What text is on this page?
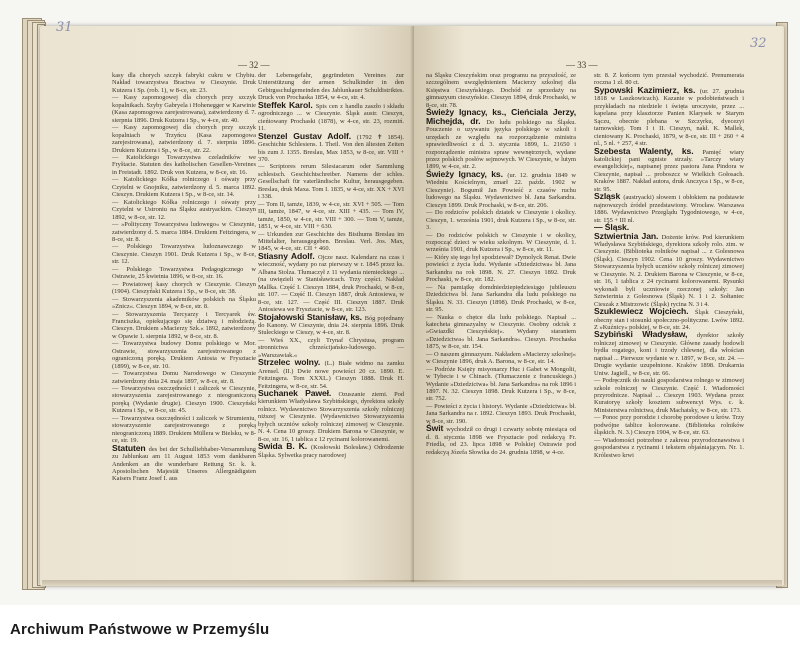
31
— 32 —

kasy dla chorych szczyk fabryki cukru w Chybiu. Nakład towarzystwa Bractwa w Cieszynie. Druk Kutzera i Sp. (rob. 1), w 8-ce, str. 23.

— Kasy zapomogowej dla chorych przy szczyk kopalnikach. Szyby Gabryela i Hohenegger w Karwinie (Kasa zapomogowa zarejestrowana), zatwierdzony d. 7. sierpnia 1896. Druk Kutzera i Sp., w 4-ce, str. 40.

— Kasy zapomogowej dla chorych przy szczyk kopalniach w Trzyńcu (Kasa zapomogowa zarejestrowana), zatwierdzony d. 7. sierpnia 1896. Drukiem Kutzera i Sp., w 8-ce, str. 22.

— Katolickiego Towarzystwa czeladników we Fryštacie. Statuten des katholischen Gesellen-Vereines in Freistadt. 1892. Druk von Kutzera, w 8-ce, str. 16.

— Katolickiego Kółka rolniczego i ośwaty przy Czytelni w Gnojniku, zatwierdzony d. 5. marca 1892. Cieszyn. Drukiem Kutzera i Sp., w 8-ce, str. 14.

— Katolickiego Kółka rolniczego i ośwaty przy Czytelni w Ustroniu na Śląsku austryackim. Cieszyn 1892, w 8-ce, str. 12.

— »Polityczny Towarzystwa ludowego« w Cieszynie, zatwierdzony d. 5. marca 1884. Drukiem Feitzingera, w 8-ce, str. 8.

— Polskiego Towarzystwa ludoznawczego w Cieszynie. Cieszyn 1901. Druk Kutzera i Sp., w 8-ce, str. 12.

— Polskiego Towarzystwa Pedagogicznego w Ostrawie, 25 kwietnia 1896, w 8-ce, str. 16.

— Powiatowej kasy chorych w Cieszynie. Cieszyn (1904). Cieszyński Kutzera i Sp., w 8-ce, str. 38.

— Stowarzyszenia akademików polskich na Śląsku »Znicz«. Cieszyn 1894, w 8-ce, str. 8.

— Stowarzyszenia Tercyarzy i Tercyarek św. Franciszka, opiekującego się dziatwą i młodzieżą. Cieszyn. Drukiem »Macierzy Szk.« 1892, zatwierdzony w Opawie 1. sierpnia 1892, w 8-ce, str. 8.

— Towarzystwa budowy Domu polskiego w Mor. Ostrawie, stowarzyszenia zarejestrowanego z ograniczoną poręką. Drukiem Antosia w Frysztacie (1899), w 8-ce, str. 10.

— Towarzystwa Domu Narodowego w Cieszynie zatwierdzony dnia 24. maja 1897, w 8-ce, str. 8.

— Towarzystwa oszczędności i zaliczek w Cieszynie, stowarzyszenia zarejestrowanego z nieograniczoną poręką (Wydanie drugie). Cieszyn 1900. Cieszyński Kutzera i Sp., w 8-ce, str. 45.

— Towarzystwa oszczędności i zaliczek w Strumieniu, stowarzyszenie zarejestrowanego z poręką nieograniczoną 1889. Drukiem Müllera w Bielsku, w 8-ce, str. 19.

Statuten des bei der Schulliebhaber-Versammlung zu Jablunkau am 11 August 1853 vom dankbaren Andenken an die wunderbare Rettung Sr. k. k. Apostolischen Majestät Unseres Allergnädigsten Kaisers Franz Josef I. aus

der Lebensgefahr, gegründeten Vereines zur Unterstützung der armen Schulkinder in den Gebirgsschulgemeinden des Jablunkauer Schuldistriktes. Druck von Prochaska 1854, w 4-ce, str. 4.

Steffek Karol. Spis cen z handlu zaszło i składu ogrodniczego ... w Cieszynie. Śląsk austr. Cieszyn, cieńiowany Prochaski (1878), w 4-ce, str. 23, rozmiń. 11.

Stenzel Gustav Adolf. (1792 ✝ 1854). Geschichte Schlesiens. I. Theil. Von den ältesten Zeiten bis zum J. 1355. Breslau, Max 1853, w 8-ce, str. VIII + 370.

— Scriptores rerum Silesiacarum oder Sammlung schlesisch. Geschichtschreiber. Namens der schles. Gesellschaft für vaterländische Kultur, herausgegeben. Breslau, druk Maxa. Tom I. 1835, w 4-ce, str. XX + XVI i 338.

— Tom II, tamże, 1839, w 4-ce, str. XVI + 505. — Tom III, tamże, 1847, w 4-ce, str. XIII + 435. — Tom IV, tamże, 1850, w 4-ce, str. VIII + 300. — Tom V, tamże, 1851, w 4-ce, str. VIII + 630.

— Urkunden zur Geschichte des Bisthums Breslau im Mittelalter, herausgegeben. Breslau. Verl. Jos. Max, 1845, w 4-ce, str. CII + 460.

Stiasny Adolf. Ojcze nasz. Kalendarz na czas i wieczność, wydany po raz pierwszy w r. 1845 przez ks. Albana Stolza. Tłumaczył z 11 wydania niemieckiego ... (na uwięzieli w Stanisławicach. Trzy części. Nakład Mallka. Część I. Cieszyn 1884, druk Prochaski, w 8-ce, str. 107. — Część II. Cieszyn 1887, druk Antosiewa, w 8-ce, str. 127. — Część III. Cieszyn 1887. Druk Antosiewa we Frysztacie, w 8-ce, str. 123.

Stojałowski Stanisław, ks. Bóg pojednany do Kanony. W Cieszynie, dnia 24. sierpnia 1896. Druk Stuleckiego w Cieszy, w 4-ce, str. 8.

— Wieś XX., czyli Trynaf Chrystusa, program stronnictwa chrześcijańsko-ludowego. — »Warszawiak.«

Strzelec wolny. (L.) Białe widmo na zamku Arensel. (II.) Dwie nowe powieści 20 cz. 1890. E. Feitzingera. Tom XXXL.) Cieszyn 1888. Druk H. Feitzingera, w 8-ce, str. 54.

Suchanek Paweł. Ozuszanie ziemi. Pod kierunkiem Władysława Szybińskiego, dyrektora szkoły rolnicz. Wydawnictwo Stowarzyszenia szkoły rolniczej niższej w Cieszynie. (Wydawnictwo Stowarzyszenia byłych uczniów szkoły rolniczej zimowej w Cieszynie. N. 4. Cena 10 groszy. Drukiem Barona w Cieszynie, w 8-ce, str. 16, 1 tablica z 12 rycinami kolorowanemi.

Swida B. K. (Kosłowski Bolesław.) Odrodzenie Śląska. Sylwetka pracy narodowej

32
— 33 —

na Śląsku Cieszyńskim oraz programu na przyszłość, ze szczególnem uwzględnieniem Macierzy szkolnej dla Księstwa Cieszyńskiego. Dochód ze sprzedaży na gimnazyum cieszyńskie. Cieszyn 1894, druk Prochaski, w 8-ce, str. 78.

Świeży Ignacy, ks., Cieńciala Jerzy, Michejda, dr. Do ludu polskiego na Śląsku. Pouczenie o uzywaniu języka polskiego w szkoli i urzędach ze względu na rozporządzenie ministra sprawiedliwości z d. 3. stycznia 1899, L. 21650 i rozporządzenie ministra spraw wewnętrznych, wydane przez polskich posłów sejmowych. W Cieszynie, w lutym 1899, w 4-ce, str. 2.

Świeży Ignacy, ks. (ur. 12. grudnia 1849 w Wiedniu Kościelnym, zmarł 22. paźdz. 1902 w Cieszynie). Bogumił Jan Powieść z czasów ruchu ludowego na Śląsku. Wydawnictwo bł. Jana Sarkandra. Cieszyn 1899. Druk Prochaski, w 8-ce, str. 206.

— Do rodziców polskich dziatek w Cieszynie i okolicy. Cieszyn, 1. września 1901, druk Kutzera i Sp., w 8-ce, str. 3.

— Do rodziców polskich w Cieszynie i w okolicy, rozpocząć dzieci w wieku szkolnym. W Cieszynie, d. 1. września 1901, druk Kutzera i Sp., w 8-ce, str. 11.

— Który się tego był spodziewał? Dymolyck Renat. Dwie powieści z życia ludu. Wydanie »Dziedzictwa« bł. Jana Sarkandra na rok 1898. N. 27. Cieszyn 1892. Druk Prochaski, w 8-ce, str. 182.

— Na pamiątkę domdniedziepiędziesiągo jubileuszu Dziedzictwa bł. Jana Sarkandra dla ludu polskiego na Śląsku. N. 33. Cieszyn (1898). Druk Prochaski, w 8-ce, str. 95.

— Nauka o chętce dla ludu polskiego. Napisał ... katecheta gimnazyalny w Cieszynie. Osobny odcisk z »Gwiazdki Cieszyńskiej«. Wydany staraniem »Dziedzictwa« bł. Jana Sarkandra«. Cieszyn. Prochaska 1875, w 8-ce, str. 154.

— O naszem gimnazyum. Nakładem »Macierzy szkolnej« w Cieszynie 1896, druk A. Barona, w 8-ce, str. 14.

— Podróże Księży misyonarzy Huc i Gabet w Mongolii, w Tybecie i w Chinach. (Tłumaczenie z francuskiego.) Wydanie »Dziedzictwa« bł. Jana Sarkandra« na rok 1896 i 1897. N. 32. Cieszyn 1898. Druk Kutzera i Sp., w 8-ce, str. 752.

— Powieści z życia i historyi. Wydanie »Dziedzictwa« bł. Jana Sarkandra na r. 1892. Cieszyn 1893. Druk Prochaski, w 8-ce, str. 190.

Świt wychodził co drugi i czwarty sobotę miesiąca od d. 8. stycznia 1898 we Frysztacie pod redakcyą Fr. Friedla, od 23. lipca 1898 w Polskiej Ostrawie pod redakcyą Józefa Słowika do 24. grudnia 1898, w 4-ce.

str. 8. Z końcem tym przestał wychodzić. Prenumerata roczna 1 zł. 80 ct.

Sypowski Kazimierz, ks. (ur. 27. grudnia 1818 w Laszkowicach). Kazanie w podobieństwach i przykładach na niedziele i święta uroczyste, przez ... kapelana przy klasztorze Panien Klarysek w Starym Sączu, obecnie plebana w Szczyrku, dyecezyi tarnowskiej. Tom I i II. Cieszyn, nakł. K. Mallek, cieniowany K. Prochaski, 1879, w 8-ce, str. III + 260 + 4 nl., 5 nl. + 257, 4 str.

Szebesta Walenty, ks. Pamięć wiary katolickiej pani ogniste strzały. »Tarczy wiary ewangelickiej«, napisanej przez pastora Jana Pindora w Cieszynie, napisał ... proboszcz w Wielkich Gołosach. Kraków 1887. Nakład autora, druk Anczyca i Sp., w 8-ce, str. 95.

Szląsk (austryacki) słowem i obłokiem na podstawie najnowszych źródeł przedstawiony. Wrocław. Warszawa 1886. Wydawnictwo Przeglądu Tygodniowego, w 4-ce, str. 155 + III nl.

— Śląsk.

Sztwiertnia Jan. Dożenie krów. Pod kierunkiem Władysława Szybińskiego, dyrektora szkoły rolo. zim. w Cieszynie. (Biblioteka rolników napisał ... z Golesnowa (Śląsk). Cieszyn 1902. Cena 10 groszy. Wydawnictwo Stowarzyszenia byłych uczniów szkoły rolniczej zimowej w Cieszynie. N. 2. Drukiem Barona w Cieszynie, w 8-ce, str. 16, 1 tablica z 24 rycinami kolorowanemi. Rysunki wykonali byli uczniowie rzeczonej szkoły: Jan Sztwiertnia z Golesnowa (Śląsk) N. 1 i 2. Sołtaniec Cieszak z Mistrzowic (Śląsk) rycina N. 3 i 4.

Szuklewiecz Wojciech. Śląsk Cieszyński, obecny stan i stosunki społeczno-polityczne. Lwów 1892. Z »Kuźnicy« polskiej, w 8-ce, str. 24.

Szybiński Władysław, dyrektor szkoły rolniczej zimowej w Cieszynie. Główne zasady hodowli bydła rogatego, koni i trzody chlewnej, dla włościan napisał ... Pierwsze wydanie w r. 1897, w 8-ce, str. 24. — Drugie wydanie uzupełnione. Kraków 1898. Drukarnia Uniw. Jagiell., w 8-ce, str. 66.

— Podręcznik do nauki gospodarstwa rolnego w zimowej szkole rolniczej w Cieszynie. Część I. Wiadomości przyrodnicze. Napisał ... Cieszyn 1903. Wydana przez Kuratoryę szkoły kosztem subwencyi Wys. c. k. Ministerstwa rolnictwa, druk Machatsky, w 8-ce, str. 173.

— Ponoc przy porodzie i chorobę porodowe u krów. Trzy podwójne tablice kolorowane. (Biblioteka rolników śląskich. N. 3.) Cieszyn 1904, w 8-ce, str. 63.

— Wiadomości potrzebne z zakresu przyrodoznawstwa i gospodarstwa z rycinami i tekstem objaśniającym. Nr. 1. Królestwo krwi

Archiwum Państwowe w Przemyślu
